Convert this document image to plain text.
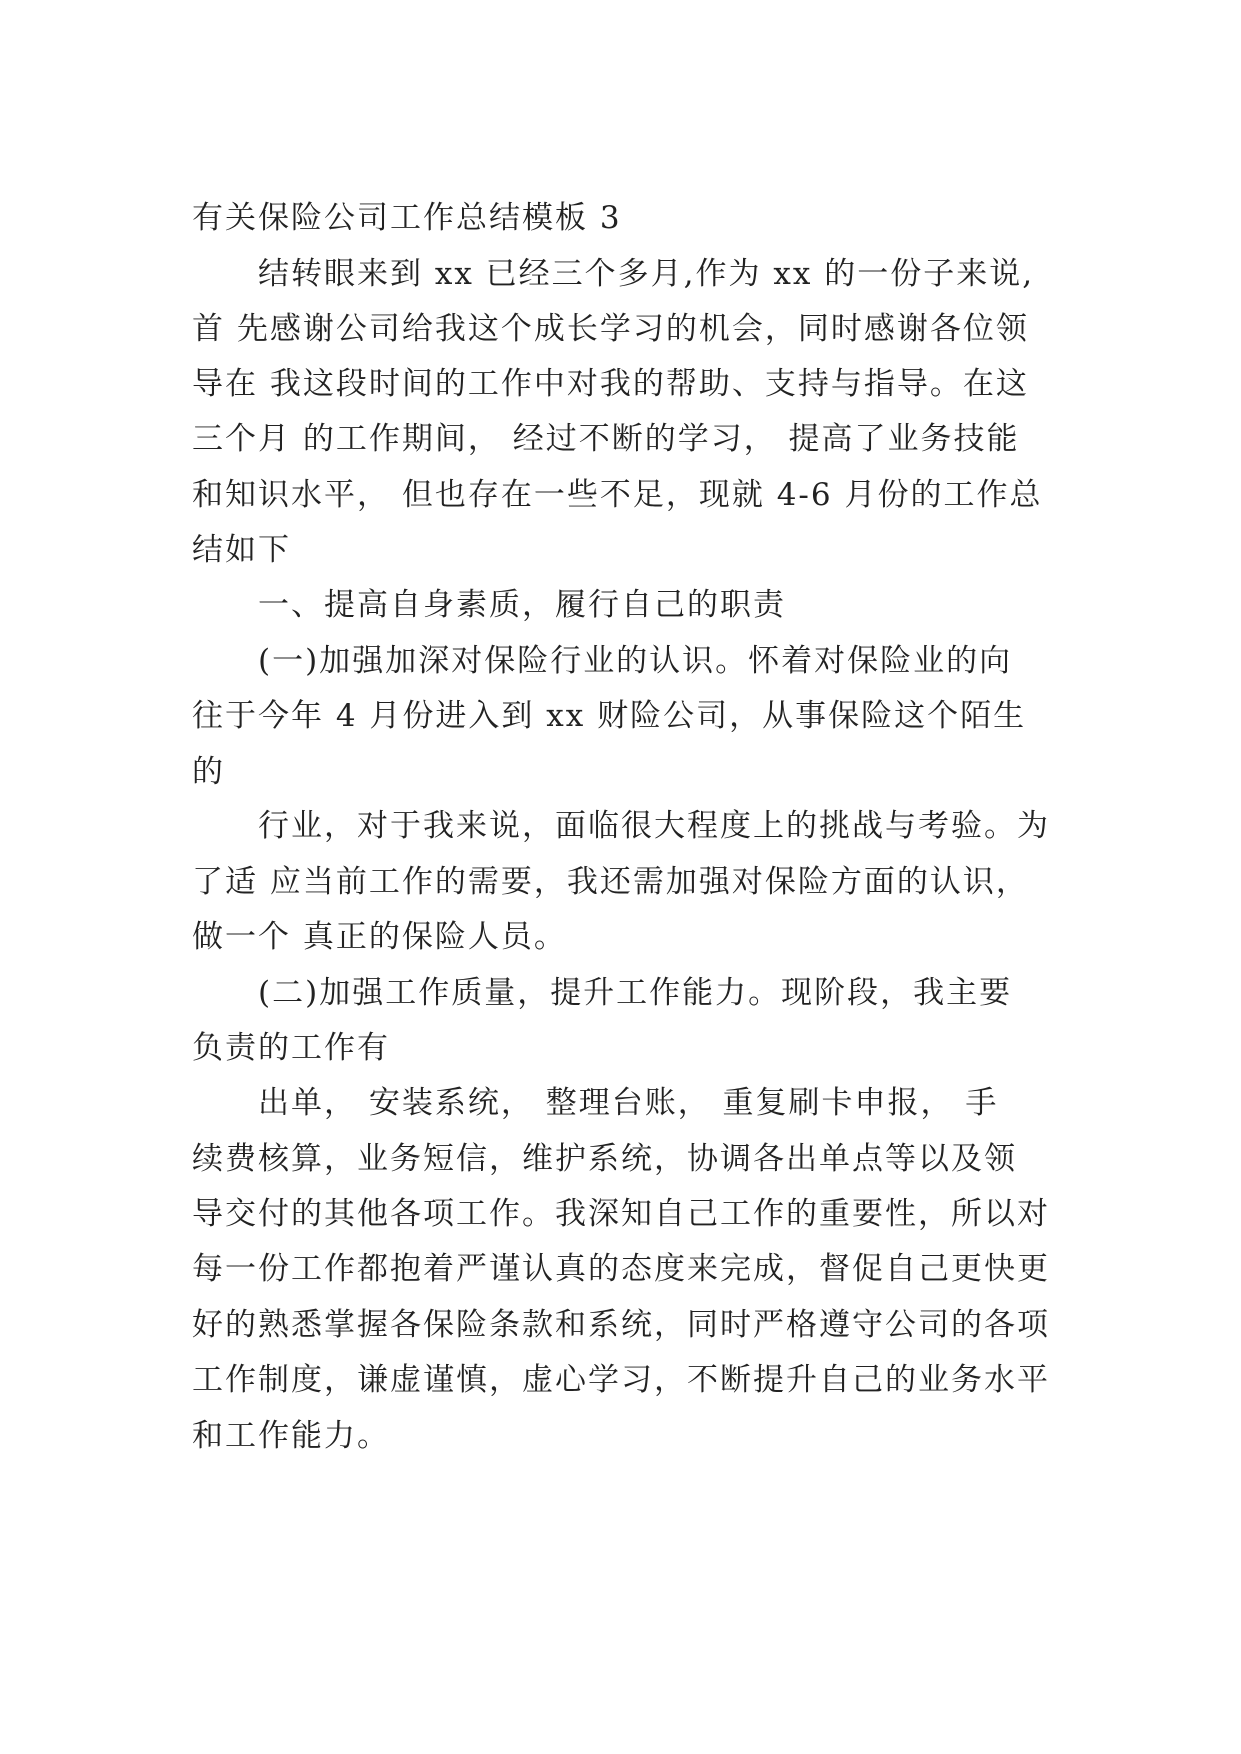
有关保险公司工作总结模板 3
结转眼来到 xx 已经三个多月,作为 xx 的一份子来说,
首 先感谢公司给我这个成长学习的机会，同时感谢各位领
导在 我这段时间的工作中对我的帮助、支持与指导。在这
三个月 的工作期间， 经过不断的学习， 提高了业务技能
和知识水平， 但也存在一些不足，现就 4-6 月份的工作总
结如下
一、提高自身素质，履行自己的职责
(一)加强加深对保险行业的认识。怀着对保险业的向
往于今年 4 月份进入到 xx 财险公司，从事保险这个陌生
的
行业，对于我来说，面临很大程度上的挑战与考验。为
了适 应当前工作的需要，我还需加强对保险方面的认识，
做一个 真正的保险人员。
(二)加强工作质量，提升工作能力。现阶段，我主要
负责的工作有
出单， 安装系统， 整理台账， 重复刷卡申报， 手
续费核算，业务短信，维护系统，协调各出单点等以及领
导交付的其他各项工作。我深知自己工作的重要性，所以对
每一份工作都抱着严谨认真的态度来完成，督促自己更快更
好的熟悉掌握各保险条款和系统，同时严格遵守公司的各项
工作制度，谦虚谨慎，虚心学习，不断提升自己的业务水平
和工作能力。
